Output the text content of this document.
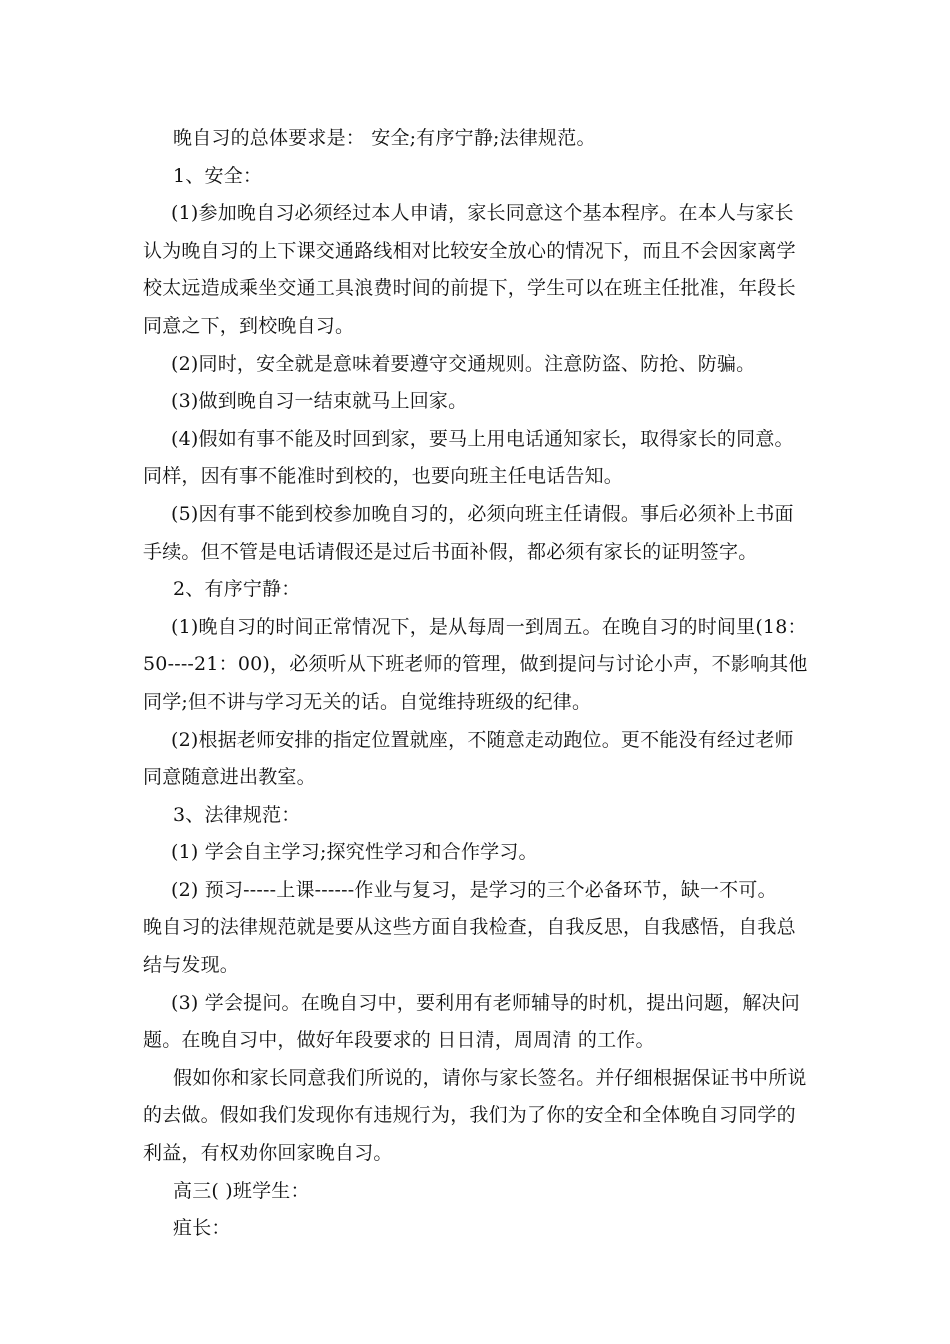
晚自习的总体要求是： 安全;有序宁静;法律规范。
1、安全：
(1)参加晚自习必须经过本人申请，家长同意这个基本程序。在本人与家长
认为晚自习的上下课交通路线相对比较安全放心的情况下，而且不会因家离学
校太远造成乘坐交通工具浪费时间的前提下，学生可以在班主任批准，年段长
同意之下，到校晚自习。
(2)同时，安全就是意味着要遵守交通规则。注意防盗、防抢、防骗。
(3)做到晚自习一结束就马上回家。
(4)假如有事不能及时回到家，要马上用电话通知家长，取得家长的同意。
同样，因有事不能准时到校的，也要向班主任电话告知。
(5)因有事不能到校参加晚自习的，必须向班主任请假。事后必须补上书面
手续。但不管是电话请假还是过后书面补假，都必须有家长的证明签字。
2、有序宁静：
(1)晚自习的时间正常情况下，是从每周一到周五。在晚自习的时间里(18：
50----21：00)，必须听从下班老师的管理，做到提问与讨论小声，不影响其他
同学;但不讲与学习无关的话。自觉维持班级的纪律。
(2)根据老师安排的指定位置就座，不随意走动跑位。更不能没有经过老师
同意随意进出教室。
3、法律规范：
(1) 学会自主学习;探究性学习和合作学习。
(2) 预习-----上课------作业与复习，是学习的三个必备环节，缺一不可。
晚自习的法律规范就是要从这些方面自我检查，自我反思，自我感悟，自我总
结与发现。
(3) 学会提问。在晚自习中，要利用有老师辅导的时机，提出问题，解决问
题。在晚自习中，做好年段要求的 日日清，周周清 的工作。
假如你和家长同意我们所说的，请你与家长签名。并仔细根据保证书中所说
的去做。假如我们发现你有违规行为，我们为了你的安全和全体晚自习同学的
利益，有权劝你回家晚自习。
高三( )班学生：
疽长：
